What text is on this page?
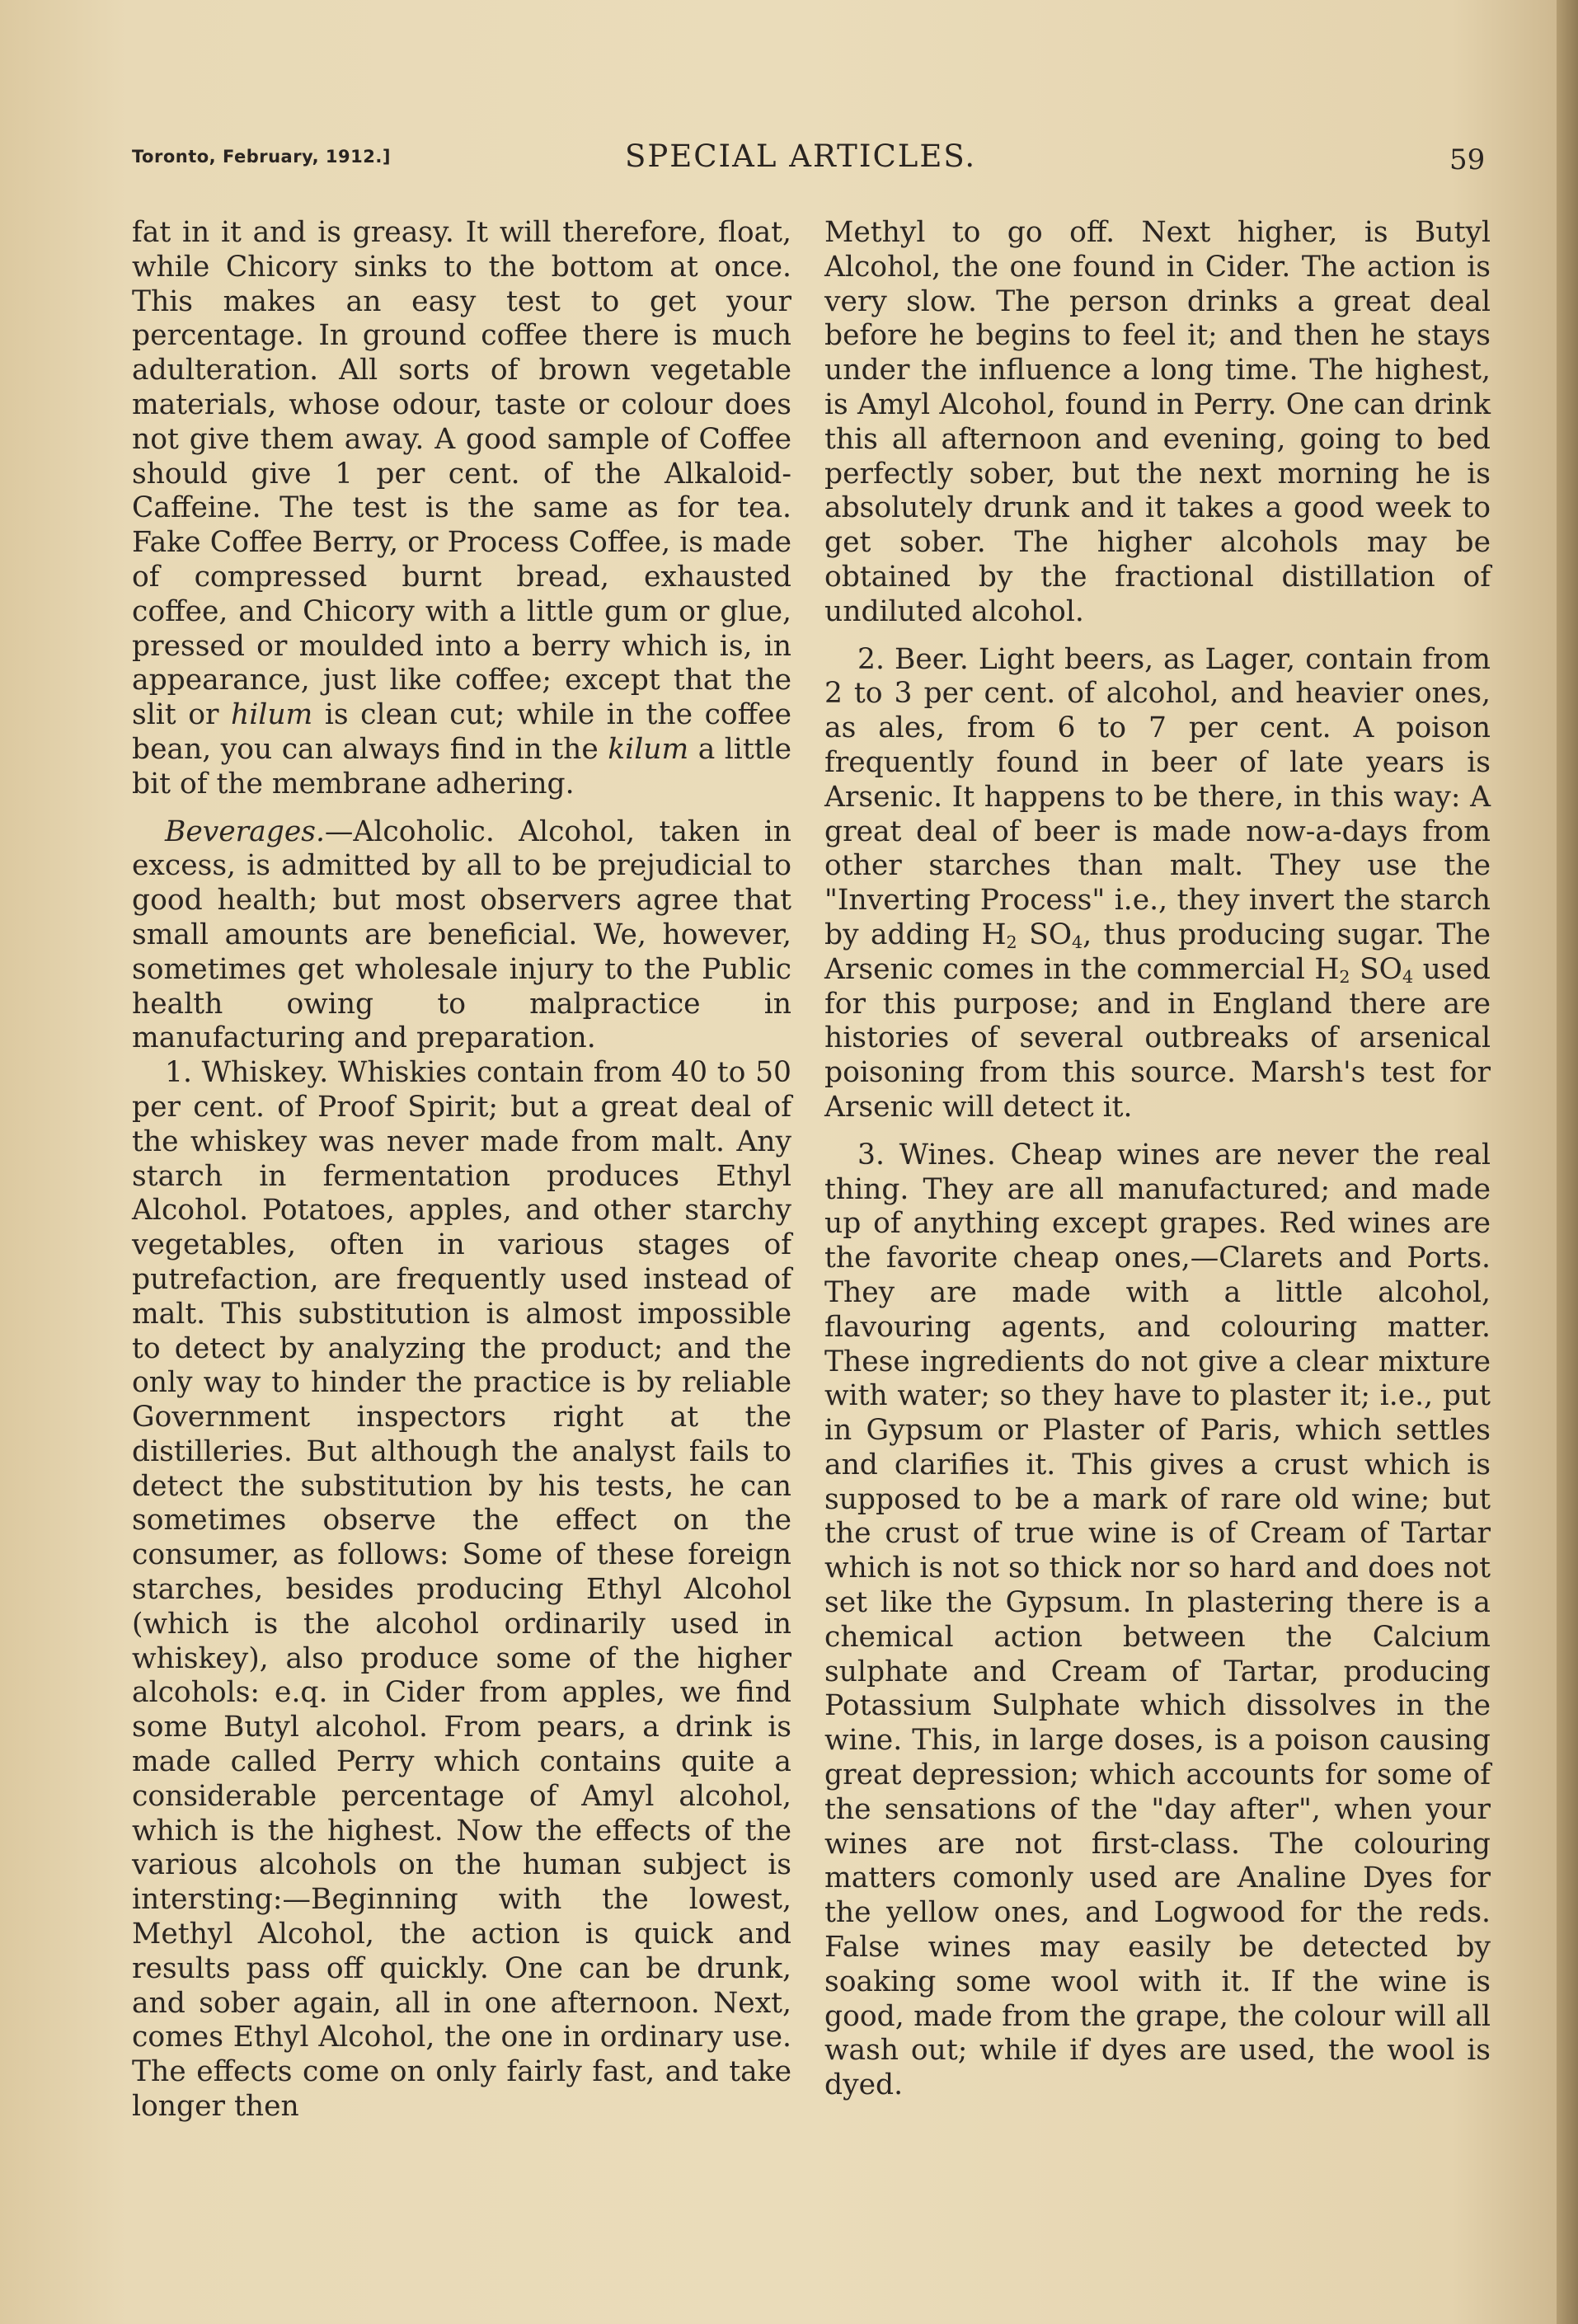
Toronto, February, 1912.]	SPECIAL ARTICLES.	59

fat in it and is greasy. It will therefore, float, while Chicory sinks to the bottom at once. This makes an easy test to get your percentage. In ground coffee there is much adulteration. All sorts of brown vegetable materials, whose odour, taste or colour does not give them away. A good sample of Coffee should give 1 per cent. of the Alkaloid-Caffeine. The test is the same as for tea. Fake Coffee Berry, or Process Coffee, is made of compressed burnt bread, exhausted coffee, and Chicory with a little gum or glue, pressed or moulded into a berry which is, in appearance, just like coffee; except that the slit or hilum is clean cut; while in the coffee bean, you can always find in the kilum a little bit of the membrane adhering.

Beverages.—Alcoholic. Alcohol, taken in excess, is admitted by all to be prejudicial to good health; but most observers agree that small amounts are beneficial. We, however, sometimes get wholesale injury to the Public health owing to malpractice in manufacturing and preparation.

1. Whiskey. Whiskies contain from 40 to 50 per cent. of Proof Spirit; but a great deal of the whiskey was never made from malt. Any starch in fermentation produces Ethyl Alcohol. Potatoes, apples, and other starchy vegetables, often in various stages of putrefaction, are frequently used instead of malt. This substitution is almost impossible to detect by analyzing the product; and the only way to hinder the practice is by reliable Government inspectors right at the distilleries. But although the analyst fails to detect the substitution by his tests, he can sometimes observe the effect on the consumer, as follows: Some of these foreign starches, besides producing Ethyl Alcohol (which is the alcohol ordinarily used in whiskey), also produce some of the higher alcohols: e.q. in Cider from apples, we find some Butyl alcohol. From pears, a drink is made called Perry which contains quite a considerable percentage of Amyl alcohol, which is the highest. Now the effects of the various alcohols on the human subject is intersting:—Beginning with the lowest, Methyl Alcohol, the action is quick and results pass off quickly. One can be drunk, and sober again, all in one afternoon. Next, comes Ethyl Alcohol, the one in ordinary use. The effects come on only fairly fast, and take longer then

Methyl to go off. Next higher, is Butyl Alcohol, the one found in Cider. The action is very slow. The person drinks a great deal before he begins to feel it; and then he stays under the influence a long time. The highest, is Amyl Alcohol, found in Perry. One can drink this all afternoon and evening, going to bed perfectly sober, but the next morning he is absolutely drunk and it takes a good week to get sober. The higher alcohols may be obtained by the fractional distillation of undiluted alcohol.

2. Beer. Light beers, as Lager, contain from 2 to 3 per cent. of alcohol, and heavier ones, as ales, from 6 to 7 per cent. A poison frequently found in beer of late years is Arsenic. It happens to be there, in this way: A great deal of beer is made now-a-days from other starches than malt. They use the "Inverting Process" i.e., they invert the starch by adding $H_2$ $SO_4$, thus producing sugar. The Arsenic comes in the commercial $H_2$ $SO_4$ used for this purpose; and in England there are histories of several outbreaks of arsenical poisoning from this source. Marsh's test for Arsenic will detect it.

3. Wines. Cheap wines are never the real thing. They are all manufactured; and made up of anything except grapes. Red wines are the favorite cheap ones,—Clarets and Ports. They are made with a little alcohol, flavouring agents, and colouring matter. These ingredients do not give a clear mixture with water; so they have to plaster it; i.e., put in Gypsum or Plaster of Paris, which settles and clarifies it. This gives a crust which is supposed to be a mark of rare old wine; but the crust of true wine is of Cream of Tartar which is not so thick nor so hard and does not set like the Gypsum. In plastering there is a chemical action between the Calcium sulphate and Cream of Tartar, producing Potassium Sulphate which dissolves in the wine. This, in large doses, is a poison causing great depression; which accounts for some of the sensations of the "day after", when your wines are not first-class. The colouring matters comonly used are Analine Dyes for the yellow ones, and Logwood for the reds. False wines may easily be detected by soaking some wool with it. If the wine is good, made from the grape, the colour will all wash out; while if dyes are used, the wool is dyed.
